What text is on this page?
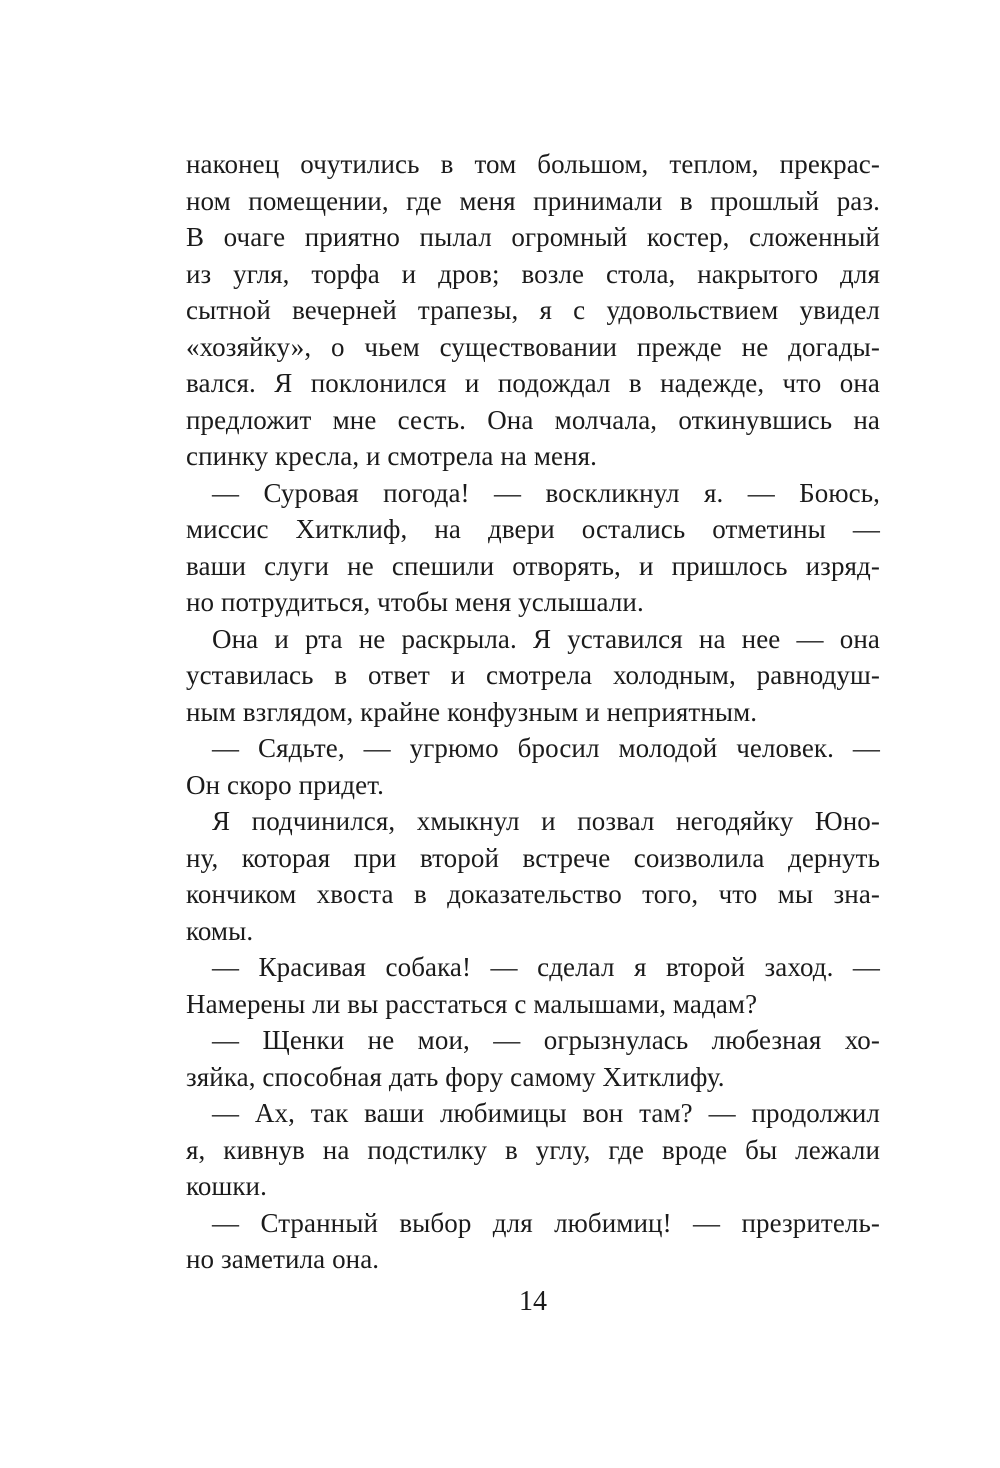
наконец очутились в том большом, теплом, прекрас-
ном помещении, где меня принимали в прошлый раз.
В очаге приятно пылал огромный костер, сложенный
из угля, торфа и дров; возле стола, накрытого для
сытной вечерней трапезы, я с удовольствием увидел
«хозяйку», о чьем существовании прежде не догады-
вался. Я поклонился и подождал в надежде, что она
предложит мне сесть. Она молчала, откинувшись на
спинку кресла, и смотрела на меня.
— Суровая погода! — воскликнул я. — Боюсь,
миссис Хитклиф, на двери остались отметины —
ваши слуги не спешили отворять, и пришлось изряд-
но потрудиться, чтобы меня услышали.
Она и рта не раскрыла. Я уставился на нее — она
уставилась в ответ и смотрела холодным, равнодуш-
ным взглядом, крайне конфузным и неприятным.
— Сядьте, — угрюмо бросил молодой человек. —
Он скоро придет.
Я подчинился, хмыкнул и позвал негодяйку Юно-
ну, которая при второй встрече соизволила дернуть
кончиком хвоста в доказательство того, что мы зна-
комы.
— Красивая собака! — сделал я второй заход. —
Намерены ли вы расстаться с малышами, мадам?
— Щенки не мои, — огрызнулась любезная хо-
зяйка, способная дать фору самому Хитклифу.
— Ах, так ваши любимицы вон там? — продолжил
я, кивнув на подстилку в углу, где вроде бы лежали
кошки.
— Странный выбор для любимиц! — презритель-
но заметила она.
14
